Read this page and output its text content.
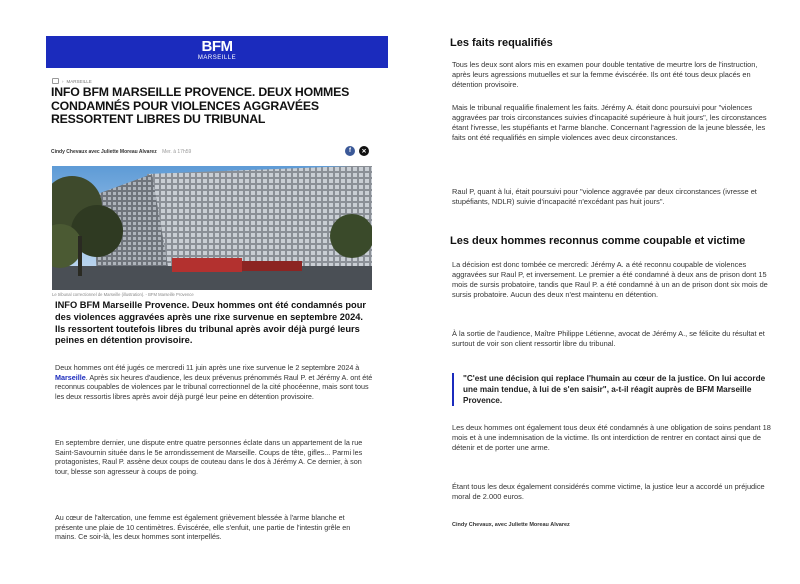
BFM
MARSEILLE
› MARSEILLE
INFO BFM MARSEILLE PROVENCE. DEUX HOMMES CONDAMNÉS POUR VIOLENCES AGGRAVÉES RESSORTENT LIBRES DU TRIBUNAL
Cindy Chevaux avec Juliette Moreau Alvarez Mer. à 17h59	f	✕
Le tribunal correctionnel de Marseille (illustration). - BFM Marseille Provence
INFO BFM Marseille Provence. Deux hommes ont été condamnés pour des violences aggravées après une rixe survenue en septembre 2024. Ils ressortent toutefois libres du tribunal après avoir déjà purgé leurs peines en détention provisoire.
Deux hommes ont été jugés ce mercredi 11 juin après une rixe survenue le 2 septembre 2024 à Marseille. Après six heures d'audience, les deux prévenus prénommés Raul P. et Jérémy A. ont été reconnus coupables de violences par le tribunal correctionnel de la cité phocéenne, mais sont tous les deux ressortis libres après avoir déjà purgé leur peine en détention provisoire.
En septembre dernier, une dispute entre quatre personnes éclate dans un appartement de la rue Saint-Savournin située dans le 5e arrondissement de Marseille. Coups de tête, gifles... Parmi les protagonistes, Raul P. assène deux coups de couteau dans le dos à Jérémy A. Ce dernier, à son tour, blesse son agresseur à coups de poing.
Au cœur de l'altercation, une femme est également grièvement blessée à l'arme blanche et présente une plaie de 10 centimètres. Éviscérée, elle s'enfuit, une partie de l'intestin grêle en mains. Ce soir-là, les deux hommes sont interpellés.
Les faits requalifiés
Tous les deux sont alors mis en examen pour double tentative de meurtre lors de l'instruction, après leurs agressions mutuelles et sur la femme éviscérée. Ils ont été tous deux placés en détention provisoire.
Mais le tribunal requalifie finalement les faits. Jérémy A. était donc poursuivi pour "violences aggravées par trois circonstances suivies d'incapacité supérieure à huit jours", les circonstances étant l'ivresse, les stupéfiants et l'arme blanche. Concernant l'agression de la jeune blessée, les faits ont été requalifiés en simple violences avec deux circonstances.
Raul P, quant à lui, était poursuivi pour "violence aggravée par deux circonstances (ivresse et stupéfiants, NDLR) suivie d'incapacité n'excédant pas huit jours".
Les deux hommes reconnus comme coupable et victime
La décision est donc tombée ce mercredi: Jérémy A. a été reconnu coupable de violences aggravées sur Raul P, et inversement. Le premier a été condamné à deux ans de prison dont 15 mois de sursis probatoire, tandis que Raul P. a été condamné à un an de prison dont six mois de sursis probatoire. Aucun des deux n'est maintenu en détention.
À la sortie de l'audience, Maître Philippe Létienne, avocat de Jérémy A., se félicite du résultat et surtout de voir son client ressortir libre du tribunal.
"C'est une décision qui replace l'humain au cœur de la justice. On lui accorde une main tendue, à lui de s'en saisir", a-t-il réagit auprès de BFM Marseille Provence.
Les deux hommes ont également tous deux été condamnés à une obligation de soins pendant 18 mois et à une indemnisation de la victime. Ils ont interdiction de rentrer en contact ainsi que de détenir et de porter une arme.
Étant tous les deux également considérés comme victime, la justice leur a accordé un préjudice moral de 2.000 euros.
Cindy Chevaux, avec Juliette Moreau Alvarez
